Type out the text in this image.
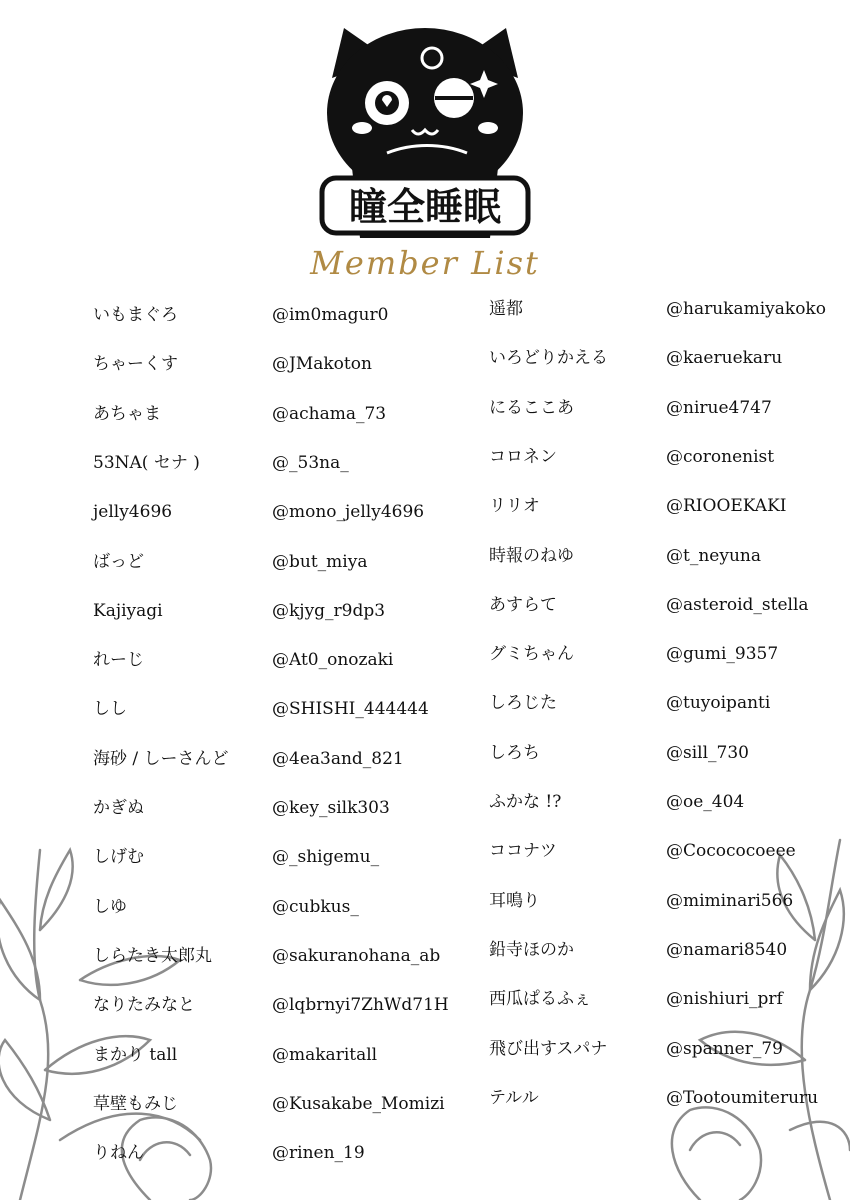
瞳全睡眠
Member List
いもまぐろ	@im0magur0
ちゃーくす	@JMakoton
あちゃま	@achama_73
53NA( セナ )	@_53na_
jelly4696	@mono_jelly4696
ばっど	@but_miya
Kajiyagi	@kjyg_r9dp3
れーじ	@At0_onozaki
しし	@SHISHI_444444
海砂 / しーさんど	@4ea3and_821
かぎぬ	@key_silk303
しげむ	@_shigemu_
しゆ	@cubkus_
しらたき太郎丸	@sakuranohana_ab
なりたみなと	@lqbrnyi7ZhWd71H
まかり tall	@makaritall
草壁もみじ	@Kusakabe_Momizi
りねん	@rinen_19
遥都	@harukamiyakoko
いろどりかえる	@kaeruekaru
にるここあ	@nirue4747
コロネン	@coronenist
リリオ	@RIOOEKAKI
時報のねゆ	@t_neyuna
あすらて	@asteroid_stella
グミちゃん	@gumi_9357
しろじた	@tuyoipanti
しろち	@sill_730
ふかな !?	@oe_404
ココナツ	@Cocococoeee
耳鳴り	@miminari566
鉛寺ほのか	@namari8540
西瓜ぱるふぇ	@nishiuri_prf
飛び出すスパナ	@spanner_79
テルル	@Tootoumiteruru
